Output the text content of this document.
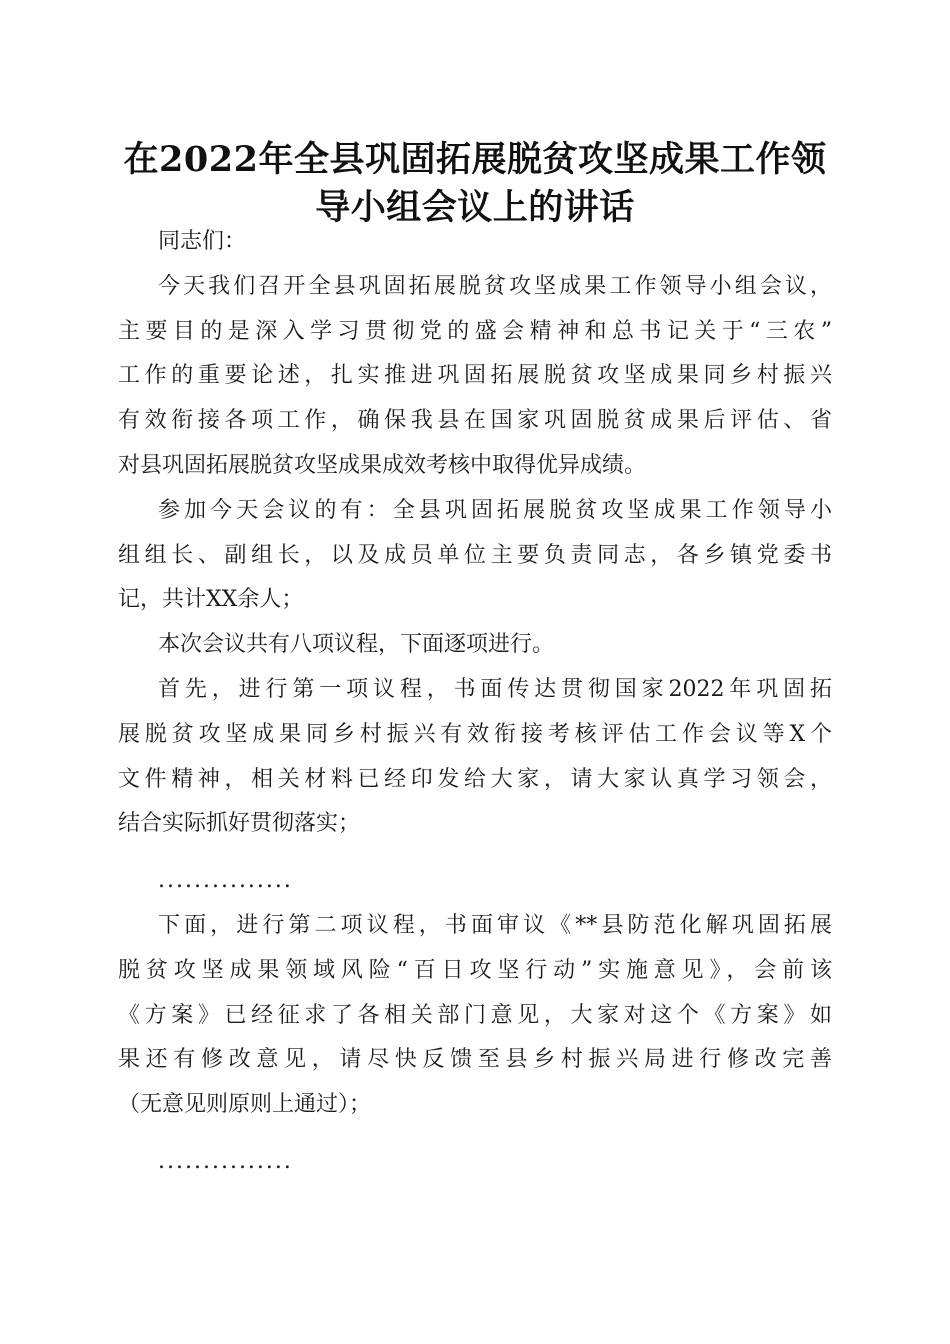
在2022年全县巩固拓展脱贫攻坚成果工作领
导小组会议上的讲话
同志们：

今天我们召开全县巩固拓展脱贫攻坚成果工作领导小组会议，
主要目的是深入学习贯彻党的盛会精神和总书记关于“三农”
工作的重要论述，扎实推进巩固拓展脱贫攻坚成果同乡村振兴
有效衔接各项工作，确保我县在国家巩固脱贫成果后评估、省
对县巩固拓展脱贫攻坚成果成效考核中取得优异成绩。

参加今天会议的有：全县巩固拓展脱贫攻坚成果工作领导小
组组长、副组长，以及成员单位主要负责同志，各乡镇党委书
记，共计XX余人；

本次会议共有八项议程，下面逐项进行。

首先，进行第一项议程，书面传达贯彻国家2022年巩固拓
展脱贫攻坚成果同乡村振兴有效衔接考核评估工作会议等X个
文件精神，相关材料已经印发给大家，请大家认真学习领会，
结合实际抓好贯彻落实；

...............

下面，进行第二项议程，书面审议《**县防范化解巩固拓展
脱贫攻坚成果领域风险“百日攻坚行动”实施意见》，会前该
《方案》已经征求了各相关部门意见，大家对这个《方案》如
果还有修改意见，请尽快反馈至县乡村振兴局进行修改完善
（无意见则原则上通过）；

...............
